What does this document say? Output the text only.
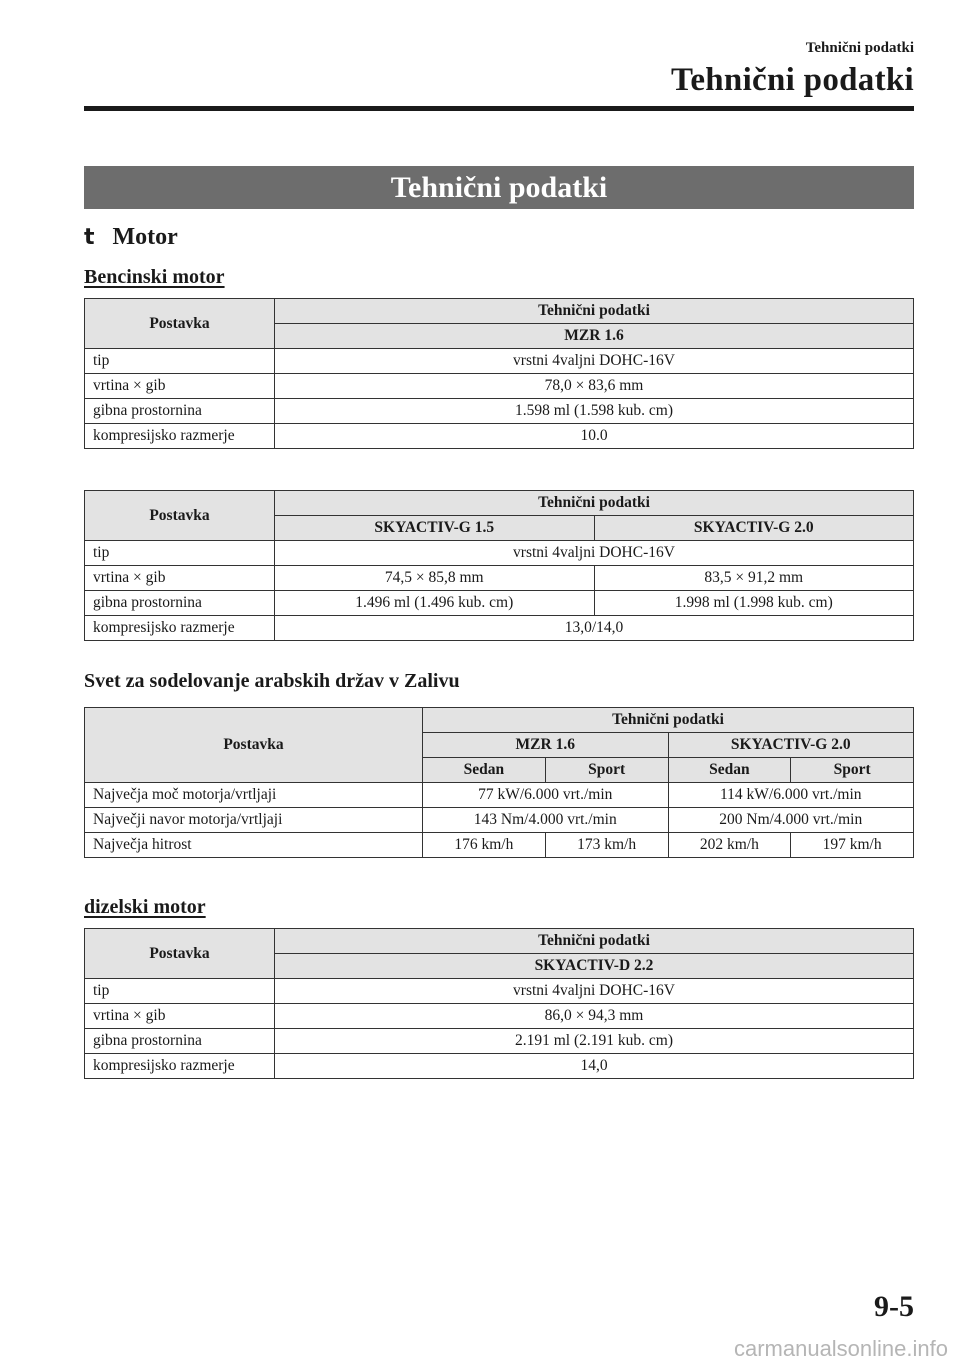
Tehnični podatki
Tehnični podatki
Tehnični podatki
t Motor
Bencinski motor
Postavka	Tehnični podatki
	MZR 1.6
tip	vrstni 4valjni DOHC-16V
vrtina × gib	78,0 × 83,6 mm
gibna prostornina	1.598 ml (1.598 kub. cm)
kompresijsko razmerje	10.0
Postavka	Tehnični podatki	
	SKYACTIV-G 1.5	SKYACTIV-G 2.0
tip	vrstni 4valjni DOHC-16V	
vrtina × gib	74,5 × 85,8 mm	83,5 × 91,2 mm
gibna prostornina	1.496 ml (1.496 kub. cm)	1.998 ml (1.998 kub. cm)
kompresijsko razmerje	13,0/14,0	
Svet za sodelovanje arabskih držav v Zalivu
Postavka	Tehnični podatki			
	MZR 1.6		SKYACTIV-G 2.0	
	Sedan	Sport	Sedan	Sport
Največja moč motorja/vrtljaji	77 kW/6.000 vrt./min		114 kW/6.000 vrt./min	
Največji navor motorja/vrtljaji	143 Nm/4.000 vrt./min		200 Nm/4.000 vrt./min	
Največja hitrost	176 km/h	173 km/h	202 km/h	197 km/h
dizelski motor
Postavka	Tehnični podatki
	SKYACTIV-D 2.2
tip	vrstni 4valjni DOHC-16V
vrtina × gib	86,0 × 94,3 mm
gibna prostornina	2.191 ml (2.191 kub. cm)
kompresijsko razmerje	14,0
9-5
carmanualsonline.info
